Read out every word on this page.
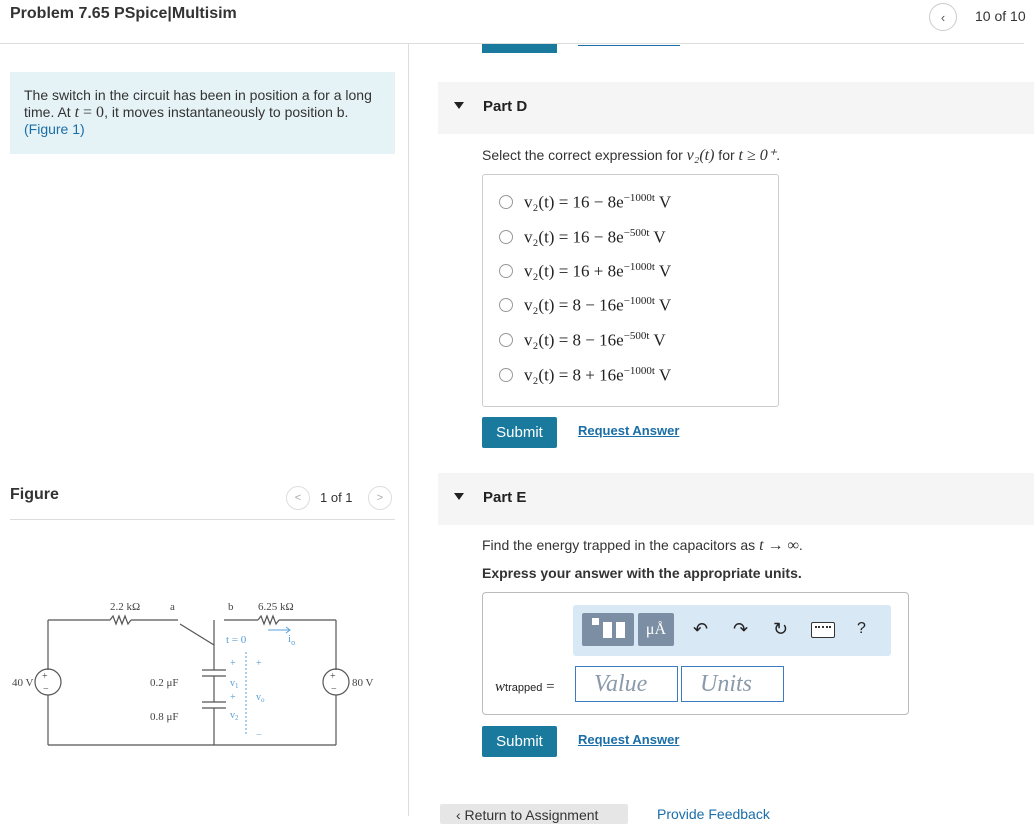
Problem 7.65 PSpice|Multisim	‹	10 of 10
The switch in the circuit has been in position a for a long time. At t = 0, it moves instantaneously to position b.
(Figure 1)
Figure	<	1 of 1	>
2.2 kΩ	6.25 kΩ
a	b
t = 0	$i_o$
+
−
+
−
40 V	80 V
0.2 μF
0.8 μF
+
$v_1$
+
$v_2$
+
$v_o$
−
Part D
Select the correct expression for v₂(t) for t ≥ 0⁺.
$v_2(t) = 16 - 8e^{-1000t}$ V
$v_2(t) = 16 - 8e^{-500t}$ V
$v_2(t) = 16 + 8e^{-1000t}$ V
$v_2(t) = 8 - 16e^{-1000t}$ V
$v_2(t) = 8 - 16e^{-500t}$ V
$v_2(t) = 8 + 16e^{-1000t}$ V
Submit	Request Answer
Part E
Find the energy trapped in the capacitors as t → ∞.
Express your answer with the appropriate units.
μÅ	↶ ↷ ↻	?
wtrapped =	Value	Units
Submit	Request Answer
‹ Return to Assignment	Provide Feedback
